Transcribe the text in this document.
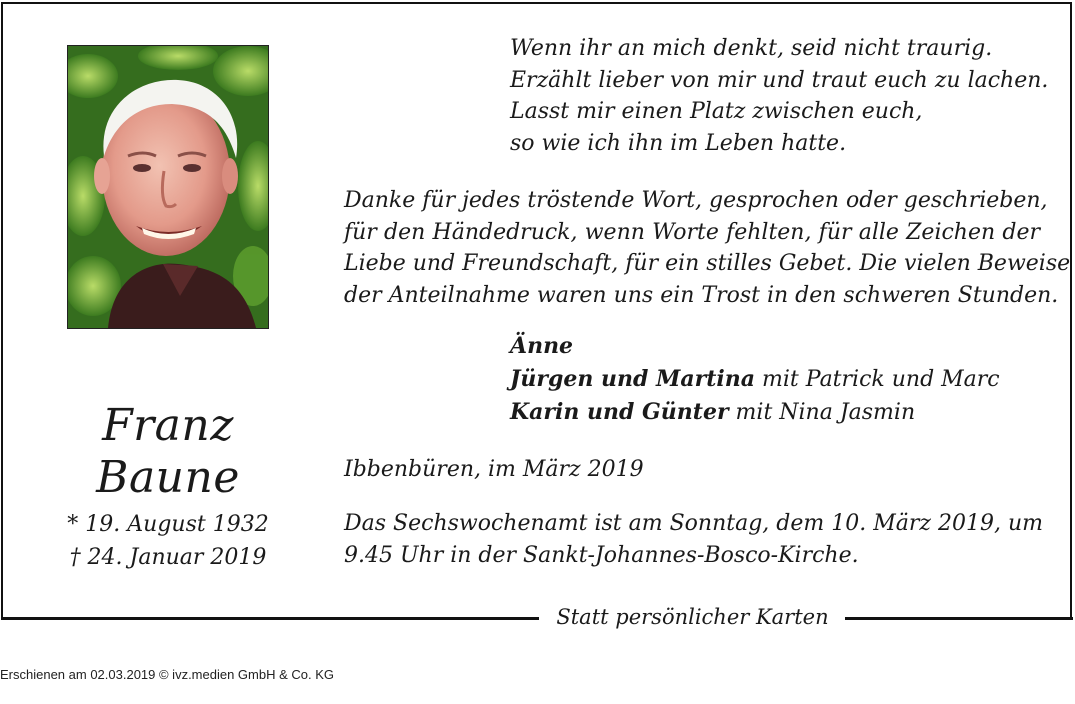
Statt persönlicher Karten
Franz
Baune
* 19. August 1932
† 24. Januar 2019
Wenn ihr an mich denkt, seid nicht traurig.
Erzählt lieber von mir und traut euch zu lachen.
Lasst mir einen Platz zwischen euch,
so wie ich ihn im Leben hatte.
Danke für jedes tröstende Wort, gesprochen oder geschrieben,
für den Händedruck, wenn Worte fehlten, für alle Zeichen der
Liebe und Freundschaft, für ein stilles Gebet. Die vielen Beweise
der Anteilnahme waren uns ein Trost in den schweren Stunden.
Änne
Jürgen und Martina mit Patrick und Marc
Karin und Günter mit Nina Jasmin
Ibbenbüren, im März 2019
Das Sechswochenamt ist am Sonntag, dem 10. März 2019, um
9.45 Uhr in der Sankt-Johannes-Bosco-Kirche.
Erschienen am 02.03.2019 © ivz.medien GmbH & Co. KG
